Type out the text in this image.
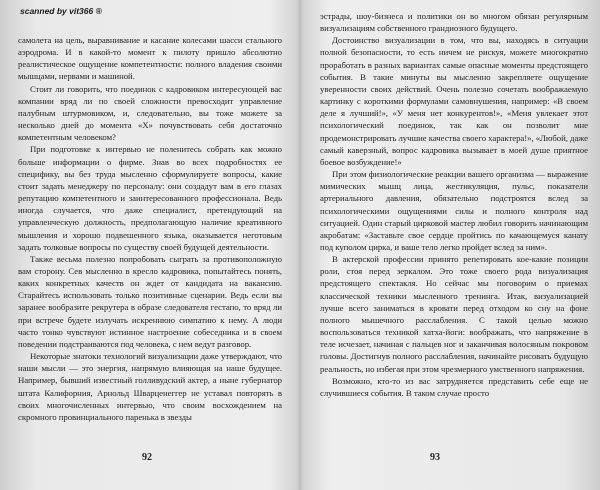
scanned by vit366 ®

самолета на цель, выравнивание и касание колесами шасси стального аэродрома. И в какой-то момент к пилоту пришло абсолютно реалистическое ощущение компетентности: полного владения своими мышцами, нервами и машиной.

Стоит ли говорить, что поединок с кадровиком интересующей вас компании вряд ли по своей сложности превосходит управление палубным штурмовиком, и, следовательно, вы тоже можете за несколько дней до момента «Х» почувствовать себя достаточно компетентным человеком?

При подготовке к интервью не поленитесь собрать как можно больше информации о фирме. Знав во всех подробностях ее специфику, вы без труда мысленно сформулируете вопросы, какие стоит задать менеджеру по персоналу: они создадут вам в его глазах репутацию компетентного и заинтересованного профессионала. Ведь иногда случается, что даже специалист, претендующий на управленческую должность, предполагающую наличие креативного мышления и хорошо подвешенного языка, оказывается неготовым задать толковые вопросы по существу своей будущей деятельности.

Также весьма полезно попробовать сыграть за противоположную вам сторону. Сев мысленно в кресло кадровика, попытайтесь понять, каких конкретных качеств он ждет от кандидата на вакансию. Старайтесь использовать только позитивные сценарии. Ведь если вы заранее вообразите рекрутера в образе следователя гестапо, то вряд ли при встрече будете излучать искреннюю симпатию к нему. А люди часто тонко чувствуют истинное настроение собеседника и в своем поведении подстраиваются под человека, с нем ведут разговор.

Некоторые знатоки технологий визуализации даже утверждают, что наши мысли — это энергия, напрямую влияющая на наше будущее. Например, бывший известный голливудский актер, а ныне губернатор штата Калифорния, Арнольд Шварценеггер не уставал повторять в своих многочисленных интервью, что своим восхождением на скромного провинциального паренька в звезды

92

эстрады, шоу-бизнеса и политики он во многом обязан регулярным визуализациям собственного грандиозного будущего.

Достоинство визуализации в том, что вы, находясь в ситуации полной безопасности, то есть ничем не рискуя, можете многократно проработать в разных вариантах самые опасные моменты предстоящего события. В такие минуты вы мысленно закрепляете ощущение уверенности своих действий. Очень полезно сочетать воображаемую картинку с короткими формулами самовнушения, например: «В своем деле я лучший!», «У меня нет конкурентов!», «Меня увлекает этот психологический поединок, так как он позволит мне продемонстрировать лучшие качества своего характера!», «Любой, даже самый каверзный, вопрос кадровика вызывает в моей душе приятное боевое возбуждение!»

При этом физиологические реакции вашего организма — выражение мимических мышц лица, жестикуляция, пульс, показатели артериального давления, обязательно подстроятся вслед за психологическими ощущениями силы и полного контроля над ситуацией. Один старый цирковой мастер любил говорить начинающим акробатам: «Заставьте свое сердце пройтись по качающемуся канату под куполом цирка, и ваше тело легко пройдет вслед за ним».

В актерской профессии принято репетировать кое-какие позиции роли, стоя перед зеркалом. Это тоже своего рода визуализация предстоящего спектакля. Но сейчас мы поговорим о приемах классической техники мысленного тренинга. Итак, визуализацией лучше всего заниматься в кровати перед отходом ко сну на фоне полного мышечного расслабления. С такой целью можно воспользоваться техникой хатха-йоги: воображать, что напряжение в теле исчезает, начиная с пальцев ног и заканчивая волосяным покровом головы. Достигнув полного расслабления, начинайте рисовать будущую реальность, но избегая при этом чрезмерного умственного напряжения.

Возможно, кто-то из вас затрудняется представить себе еще не случившиеся события. В таком случае просто

93
